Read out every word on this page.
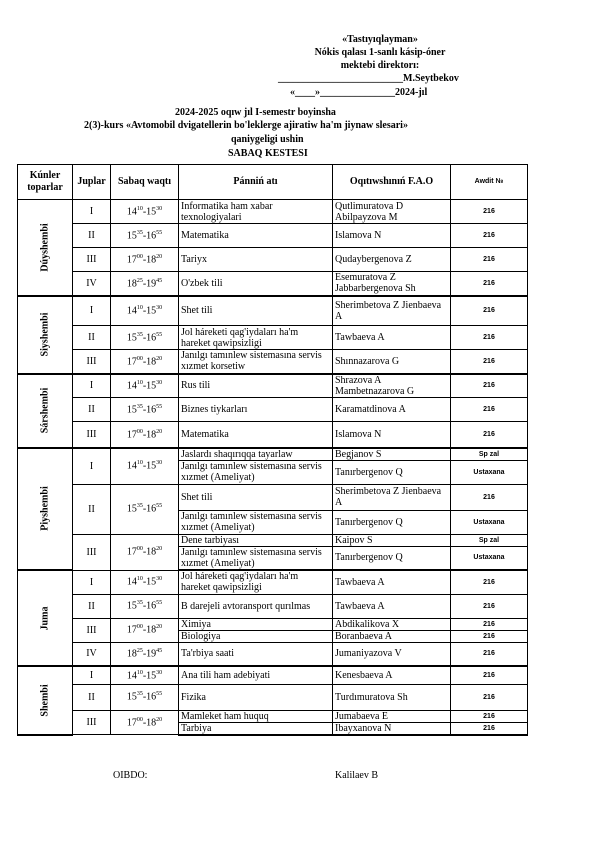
«Tastıyıqlayman»
Nókis qalası 1-sanlı kásip-óner
mektebi direktorı:
_________________________M.Seytbekov
«____»_______________2024-jıl
2024-2025 oqıw jıl I-semestr boyinsha
2(3)-kurs «Avtomobil dvigatellerin bo'leklerge ajiratiw ha'm jiynaw slesari»
qaniygeligi ushin
SABAQ KESTESI
Kúnler toparlar	Juplar	Sabaq waqtı	Pánniń atı	Oqıtıwshınıń F.A.O	Awdit №
Dúyshembi	I	$14^{10}-15^{30}$	Informatika ham xabar texnologiyalari	Qutlimuratova D Abilpayzova M	216
	II	$15^{35}-16^{55}$	Matematika	Islamova N	216
	III	$17^{00}-18^{20}$	Tariyx	Qudaybergenova Z	216
	IV	$18^{25}-19^{45}$	O'zbek tili	Esemuratova Z Jabbarbergenova Sh	216
Siyshembi	I	$14^{10}-15^{30}$	Shet tili	Sherimbetova Z Jienbaeva A	216
	II	$15^{35}-16^{55}$	Jol háreketi qag'iydaları ha'm hareket qawipsizligi	Tawbaeva A	216
	III	$17^{00}-18^{20}$	Janılgı tamınlew sistemasına servis xızmet korsetiw	Shınnazarova G	216
Sárshembi	I	$14^{10}-15^{30}$	Rus tili	Shrazova A Mambetnazarova G	216
	II	$15^{35}-16^{55}$	Biznes tiykarları	Karamatdinova A	216
	III	$17^{00}-18^{20}$	Matematika	Islamova N	216
Piyshembi	I	$14^{10}-15^{30}$	Jaslardı shaqırıqqa tayarlaw	Begjanov S	Sp zal
			Janılgı tamınlew sistemasına servis xızmet (Ameliyat)	Tanırbergenov Q	Ustaxana
	II	$15^{35}-16^{55}$	Shet tili	Sherimbetova Z Jienbaeva A	216
			Janılgı tamınlew sistemasına servis xızmet (Ameliyat)	Tanırbergenov Q	Ustaxana
	III	$17^{00}-18^{20}$	Dene tarbiyası	Kaipov S	Sp zal
			Janılgı tamınlew sistemasına servis xızmet (Ameliyat)	Tanırbergenov Q	Ustaxana
Juma	I	$14^{10}-15^{30}$	Jol háreketi qag'iydaları ha'm hareket qawipsizligi	Tawbaeva A	216
	II	$15^{35}-16^{55}$	B darejeli avtoransport qurılmas	Tawbaeva A	216
	III	$17^{00}-18^{20}$	Ximiya	Abdikalikova X	216
			Biologiya	Boranbaeva A	216
	IV	$18^{25}-19^{45}$	Ta'rbiya saati	Jumaniyazova V	216
Shembi	I	$14^{10}-15^{30}$	Ana tili ham adebiyati	Kenesbaeva A	216
	II	$15^{35}-16^{55}$	Fizika	Turdımuratova Sh	216
	III	$17^{00}-18^{20}$	Mamleket ham huquq	Jumabaeva E	216
			Tarbiya	Ibayxanova N	216
OIBDO:	Kalilaev B
